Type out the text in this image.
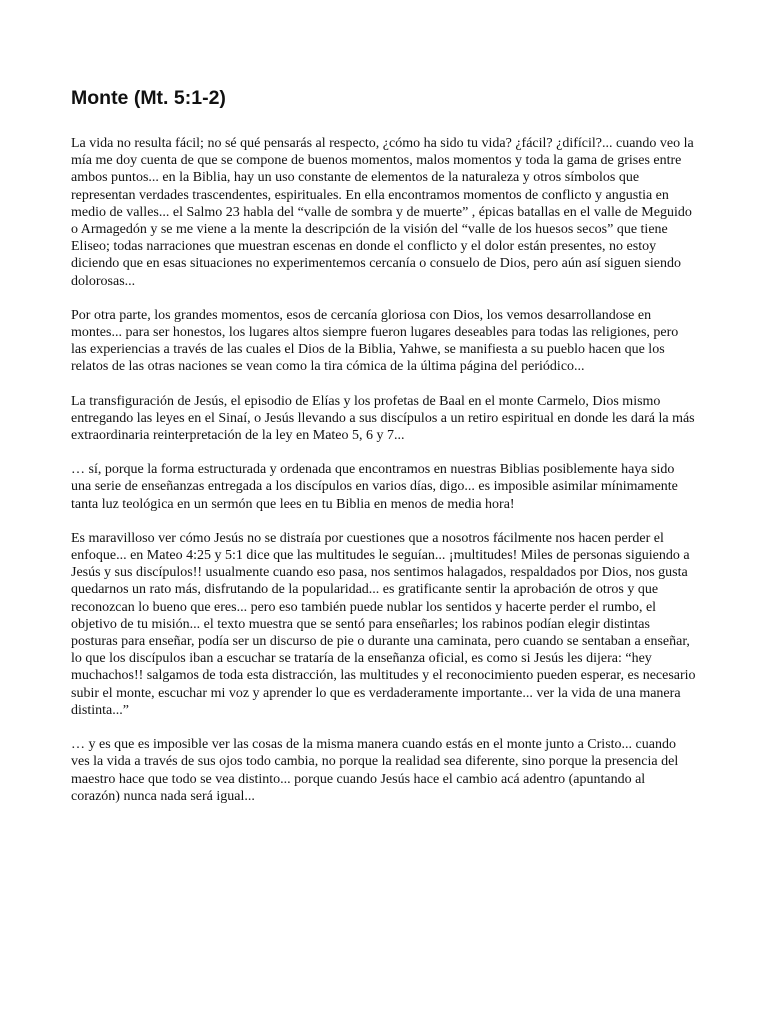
Monte (Mt. 5:1-2)

La vida no resulta fácil; no sé qué pensarás al respecto, ¿cómo ha sido tu vida? ¿fácil? ¿difícil?... cuando veo la mía me doy cuenta de que se compone de buenos momentos, malos momentos y toda la gama de grises entre ambos puntos... en la Biblia, hay un uso constante de elementos de la naturaleza y otros símbolos que representan verdades trascendentes, espirituales. En ella encontramos momentos de conflicto y angustia en medio de valles... el Salmo 23 habla del “valle de sombra y de muerte” , épicas batallas en el valle de Meguido o Armagedón y se me viene a la mente la descripción de la visión del “valle de los huesos secos” que tiene Eliseo; todas narraciones que muestran escenas en donde el conflicto y el dolor están presentes, no estoy diciendo que en esas situaciones no experimentemos cercanía o consuelo de Dios, pero aún así siguen siendo dolorosas...

Por otra parte, los grandes momentos, esos de cercanía gloriosa con Dios, los vemos desarrollandose en montes... para ser honestos, los lugares altos siempre fueron lugares deseables para todas las religiones, pero las experiencias a través de las cuales el Dios de la Biblia, Yahwe, se manifiesta a su pueblo hacen que los relatos de las otras naciones se vean como la tira cómica de la última página del periódico...

La transfiguración de Jesús, el episodio de Elías y los profetas de Baal en el monte Carmelo, Dios mismo entregando las leyes en el Sinaí, o Jesús llevando a sus discípulos a un retiro espiritual en donde les dará la más extraordinaria reinterpretación de la ley en Mateo 5, 6 y 7...

… sí, porque la forma estructurada y ordenada que encontramos en nuestras Biblias posiblemente haya sido una serie de enseñanzas entregada a los discípulos en varios días, digo... es imposible asimilar mínimamente tanta luz teológica en un sermón que lees en tu Biblia en menos de media hora!

Es maravilloso ver cómo Jesús no se distraía por cuestiones que a nosotros fácilmente nos hacen perder el enfoque... en Mateo 4:25 y 5:1 dice que las multitudes le seguían... ¡multitudes! Miles de personas siguiendo a Jesús y sus discípulos!! usualmente cuando eso pasa, nos sentimos halagados, respaldados por Dios, nos gusta quedarnos un rato más, disfrutando de la popularidad... es gratificante sentir la aprobación de otros y que reconozcan lo bueno que eres... pero eso también puede nublar los sentidos y hacerte perder el rumbo, el objetivo de tu misión... el texto muestra que se sentó para enseñarles; los rabinos podían elegir distintas posturas para enseñar, podía ser un discurso de pie o durante una caminata, pero cuando se sentaban a enseñar, lo que los discípulos iban a escuchar se trataría de la enseñanza oficial, es como si Jesús les dijera: “hey muchachos!! salgamos de toda esta distracción, las multitudes y el reconocimiento pueden esperar, es necesario subir el monte, escuchar mi voz y aprender lo que es verdaderamente importante... ver la vida de una manera distinta...”

… y es que es imposible ver las cosas de la misma manera cuando estás en el monte junto a Cristo... cuando ves la vida a través de sus ojos todo cambia, no porque la realidad sea diferente, sino porque la presencia del maestro hace que todo se vea distinto... porque cuando Jesús hace el cambio acá adentro (apuntando al corazón) nunca nada será igual...
